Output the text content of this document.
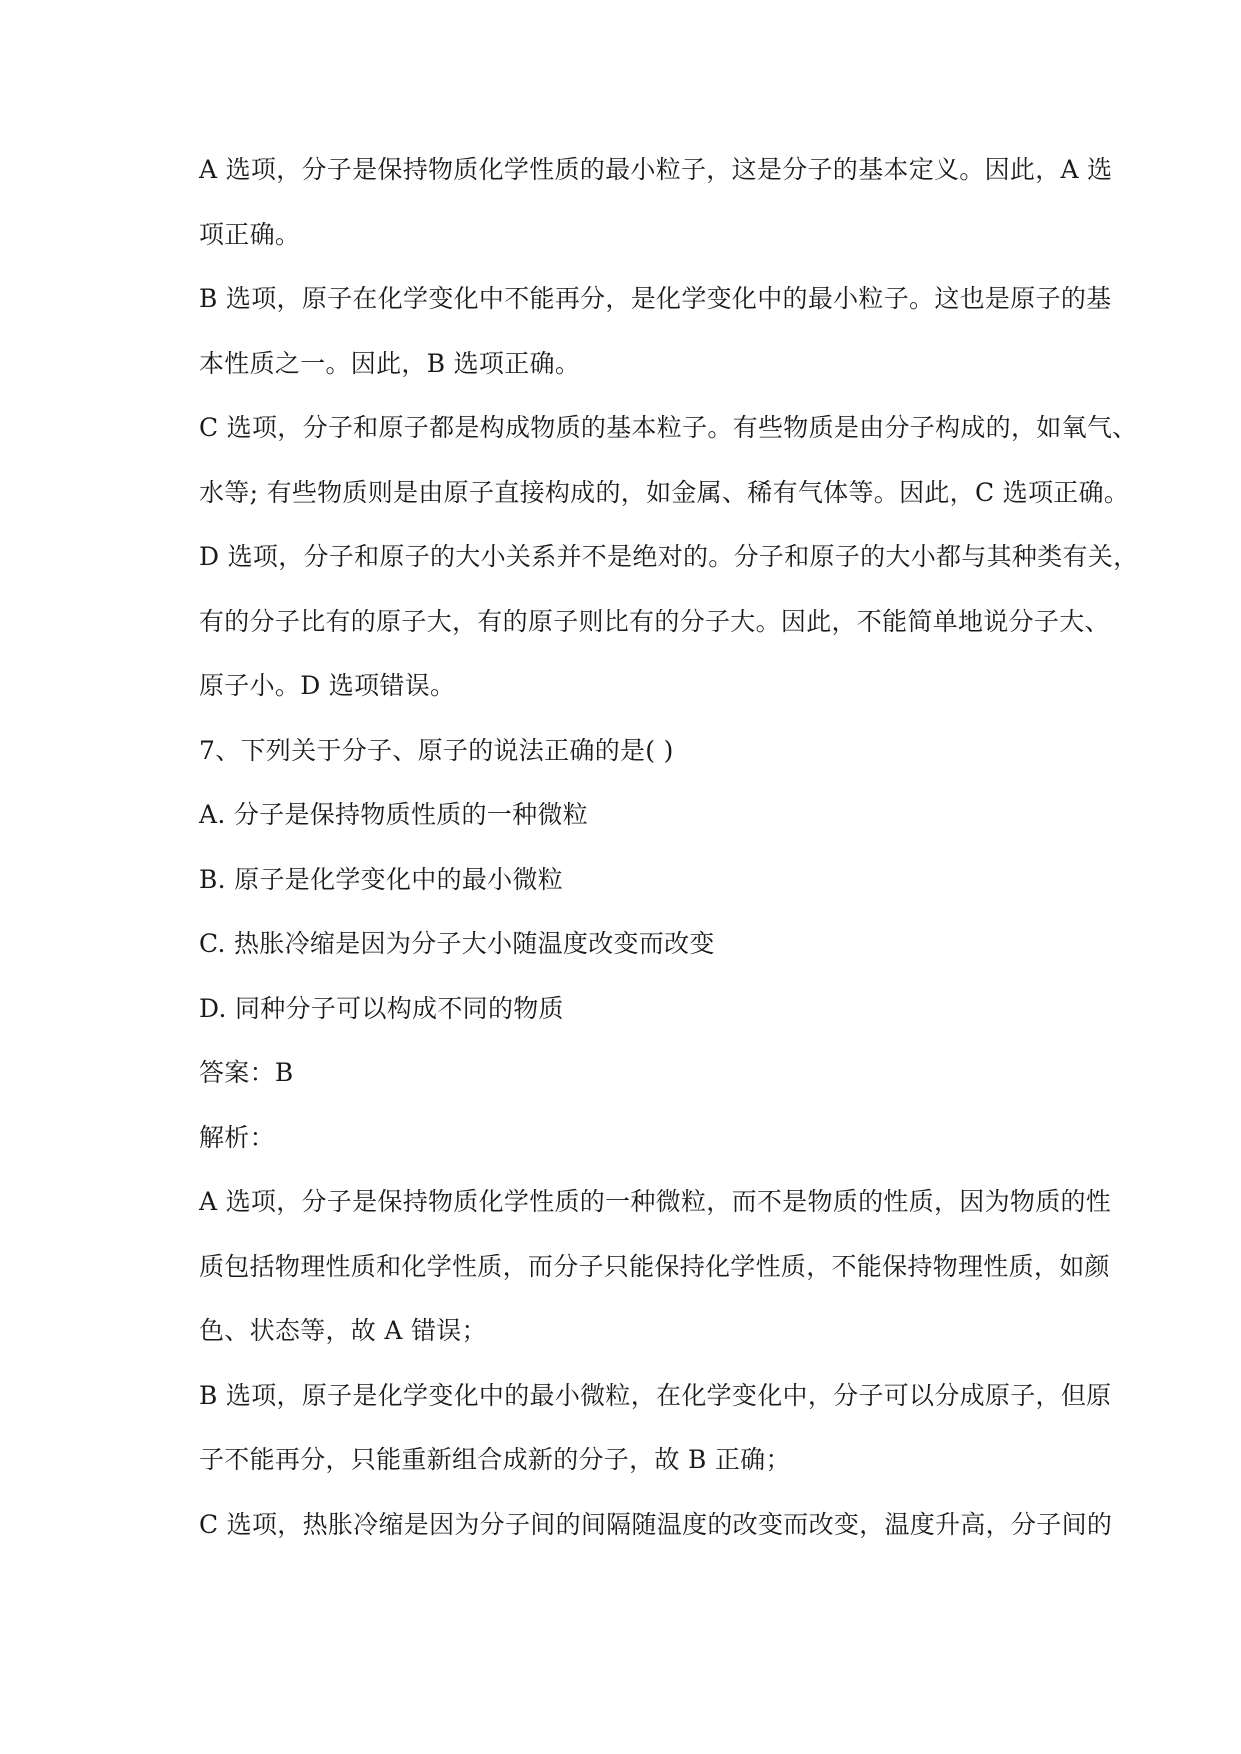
A 选项，分子是保持物质化学性质的最小粒子，这是分子的基本定义。因此，A 选
项正确。
B 选项，原子在化学变化中不能再分，是化学变化中的最小粒子。这也是原子的基
本性质之一。因此，B 选项正确。
C 选项，分子和原子都是构成物质的基本粒子。有些物质是由分子构成的，如氧气、
水等; 有些物质则是由原子直接构成的，如金属、稀有气体等。因此，C 选项正确。
D 选项，分子和原子的大小关系并不是绝对的。分子和原子的大小都与其种类有关，
有的分子比有的原子大，有的原子则比有的分子大。因此，不能简单地说分子大、
原子小。D 选项错误。
7、下列关于分子、原子的说法正确的是( )
A. 分子是保持物质性质的一种微粒
B. 原子是化学变化中的最小微粒
C. 热胀冷缩是因为分子大小随温度改变而改变
D. 同种分子可以构成不同的物质
答案：B
解析：
A 选项，分子是保持物质化学性质的一种微粒，而不是物质的性质，因为物质的性
质包括物理性质和化学性质，而分子只能保持化学性质，不能保持物理性质，如颜
色、状态等，故 A 错误；
B 选项，原子是化学变化中的最小微粒，在化学变化中，分子可以分成原子，但原
子不能再分，只能重新组合成新的分子，故 B 正确；
C 选项，热胀冷缩是因为分子间的间隔随温度的改变而改变，温度升高，分子间的
